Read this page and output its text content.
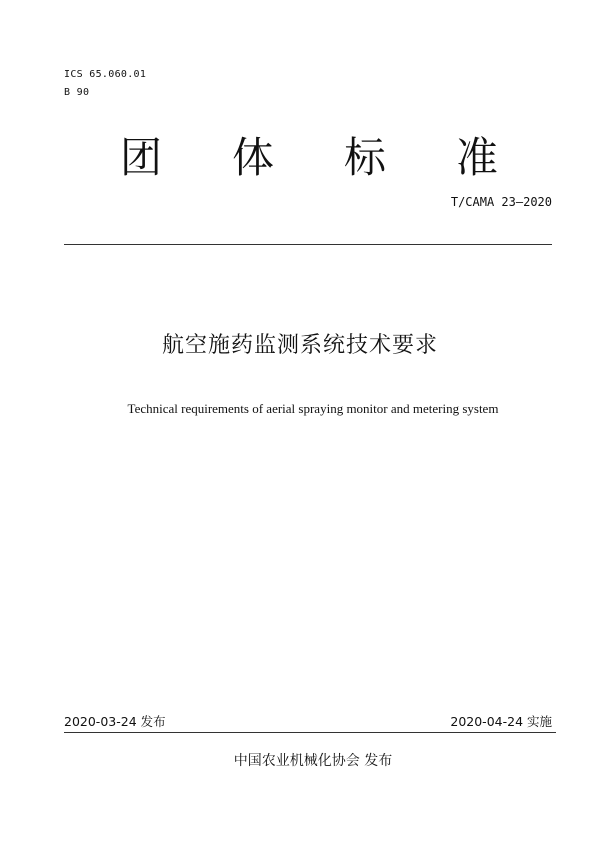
ICS 65.060.01
B 90
团 体 标 准
T/CAMA 23—2020
航空施药监测系统技术要求
Technical requirements of aerial spraying monitor and metering system
2020-03-24 发布	2020-04-24 实施
中国农业机械化协会 发布
